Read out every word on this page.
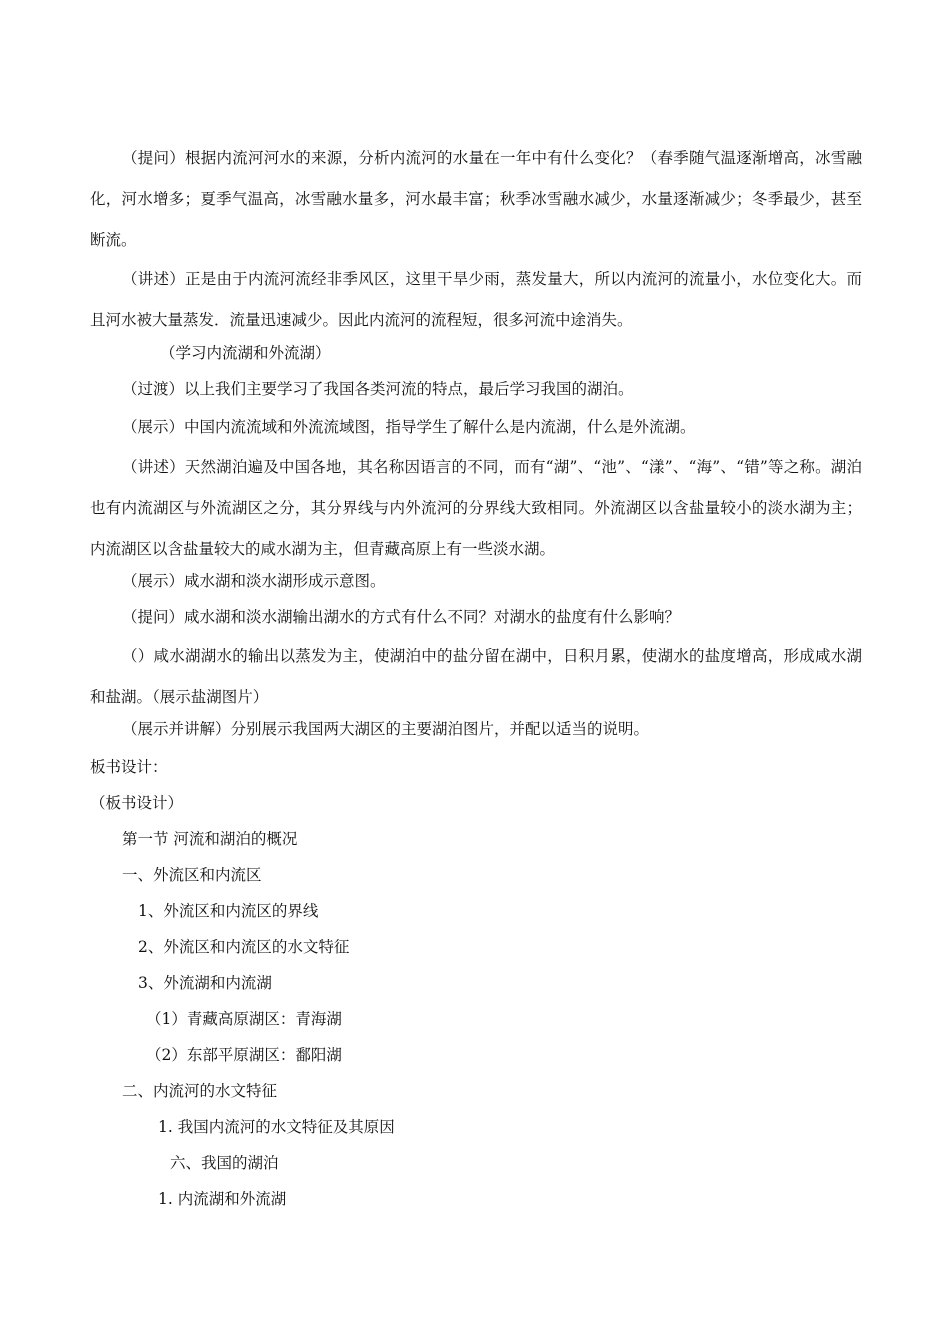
（提问）根据内流河河水的来源，分析内流河的水量在一年中有什么变化？（春季随气温逐渐增高，冰雪融化，河水增多；夏季气温高，冰雪融水量多，河水最丰富；秋季冰雪融水减少，水量逐渐减少；冬季最少，甚至断流。

（讲述）正是由于内流河流经非季风区，这里干旱少雨，蒸发量大，所以内流河的流量小，水位变化大。而且河水被大量蒸发．流量迅速减少。因此内流河的流程短，很多河流中途消失。

（学习内流湖和外流湖）

（过渡）以上我们主要学习了我国各类河流的特点，最后学习我国的湖泊。

（展示）中国内流流域和外流流域图，指导学生了解什么是内流湖，什么是外流湖。

（讲述）天然湖泊遍及中国各地，其名称因语言的不同，而有“湖”、“池”、“漾”、“海”、“错”等之称。湖泊也有内流湖区与外流湖区之分，其分界线与内外流河的分界线大致相同。外流湖区以含盐量较小的淡水湖为主；内流湖区以含盐量较大的咸水湖为主，但青藏高原上有一些淡水湖。

（展示）咸水湖和淡水湖形成示意图。

（提问）咸水湖和淡水湖输出湖水的方式有什么不同？对湖水的盐度有什么影响？

（）咸水湖湖水的输出以蒸发为主，使湖泊中的盐分留在湖中，日积月累，使湖水的盐度增高，形成咸水湖和盐湖。（展示盐湖图片）

（展示并讲解）分别展示我国两大湖区的主要湖泊图片，并配以适当的说明。

板书设计：

（板书设计）

第一节 河流和湖泊的概况

一、外流区和内流区

1、外流区和内流区的界线

2、外流区和内流区的水文特征

3、外流湖和内流湖

（1）青藏高原湖区：青海湖

（2）东部平原湖区：鄱阳湖

二、内流河的水文特征

1. 我国内流河的水文特征及其原因

六、我国的湖泊

1. 内流湖和外流湖
